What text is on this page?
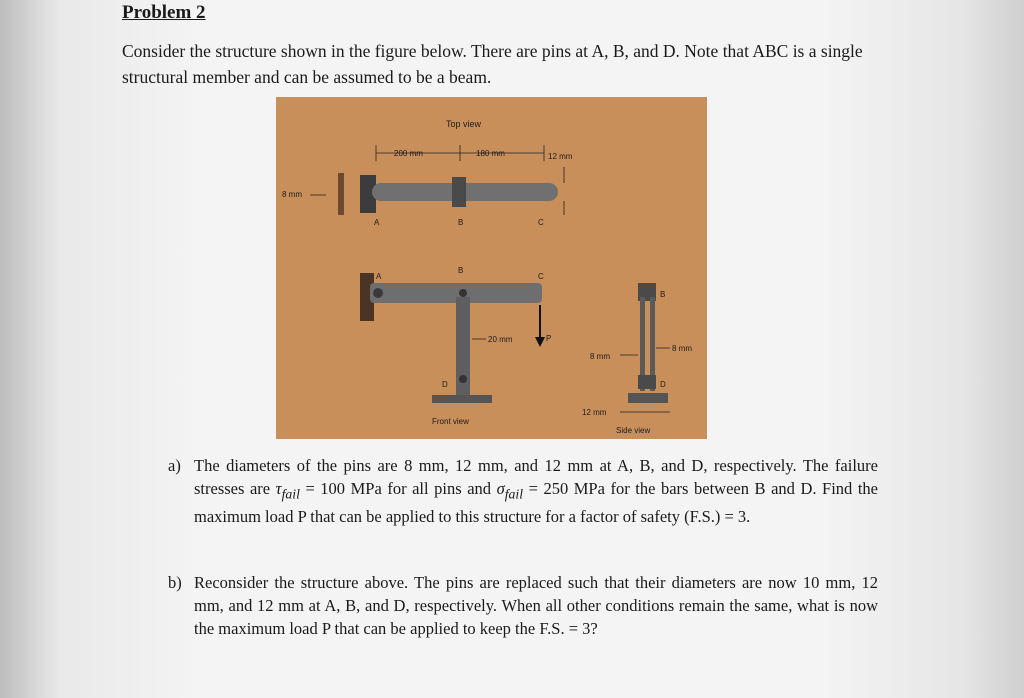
Problem 2
Consider the structure shown in the figure below. There are pins at A, B, and D. Note that ABC is a single structural member and can be assumed to be a beam.
Top view
200 mm	180 mm	12 mm
8 mm
A	B	C
A
B
C
D
20 mm	P
Front view
B
D
8 mm
8 mm
12 mm
Side view
a) The diameters of the pins are 8 mm, 12 mm, and 12 mm at A, B, and D, respectively. The failure stresses are $\tau_{fail} = 100$ MPa for all pins and $\sigma_{fail} = 250$ MPa for the bars between B and D. Find the maximum load P that can be applied to this structure for a factor of safety (F.S.) = 3.
b) Reconsider the structure above. The pins are replaced such that their diameters are now 10 mm, 12 mm, and 12 mm at A, B, and D, respectively. When all other conditions remain the same, what is now the maximum load P that can be applied to keep the F.S. = 3?
